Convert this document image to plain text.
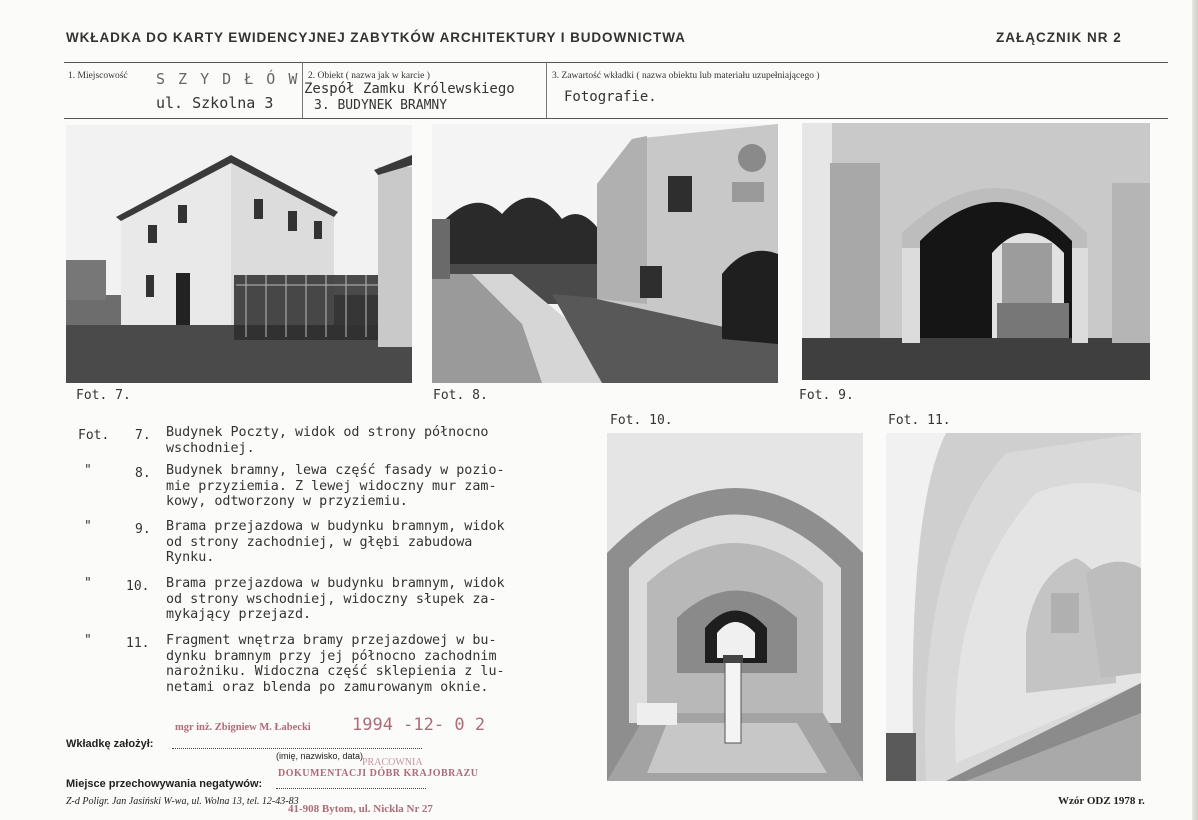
WKŁADKA DO KARTY EWIDENCYJNEJ ZABYTKÓW ARCHITEKTURY I BUDOWNICTWA	ZAŁĄCZNIK NR 2
1. Miejscowość S Z Y D Ł Ó W
ul. Szkolna 3
2. Obiekt ( nazwa jak w karcie )
Zespół Zamku Królewskiego
3. BUDYNEK BRAMNY
3. Zawartość wkładki ( nazwa obiektu lub materiału uzupełniającego )
Fotografie.
Fot. 7.	Fot. 8.	Fot. 9.
Fot. 10.	Fot. 11.
Fot. 7. Budynek Poczty, widok od strony północno
wschodniej.
"	8. Budynek bramny, lewa część fasady w pozio-
mie przyziemia. Z lewej widoczny mur zam-
kowy, odtworzony w przyziemiu.
"	9. Brama przejazdowa w budynku bramnym, widok
od strony zachodniej, w głębi zabudowa
Rynku.
"	10. Brama przejazdowa w budynku bramnym, widok
od strony wschodniej, widoczny słupek za-
mykający przejazd.
"	11. Fragment wnętrza bramy przejazdowej w bu-
dynku bramnym przy jej północno zachodnim
narożniku. Widoczna część sklepienia z lu-
netami oraz blenda po zamurowanym oknie.
mgr inż. Zbigniew M. Łabecki 1994 -12- 0 2
Wkładkę założył:
(imię, nazwisko, data)
PRACOWNIA
DOKUMENTACJI DÓBR KRAJOBRAZU
Miejsce przechowywania negatywów:
41-908 Bytom, ul. Nickla Nr 27
Z-d Poligr. Jan Jasiński W-wa, ul. Wolna 13, tel. 12-43-83	Wzór ODZ 1978 r.
